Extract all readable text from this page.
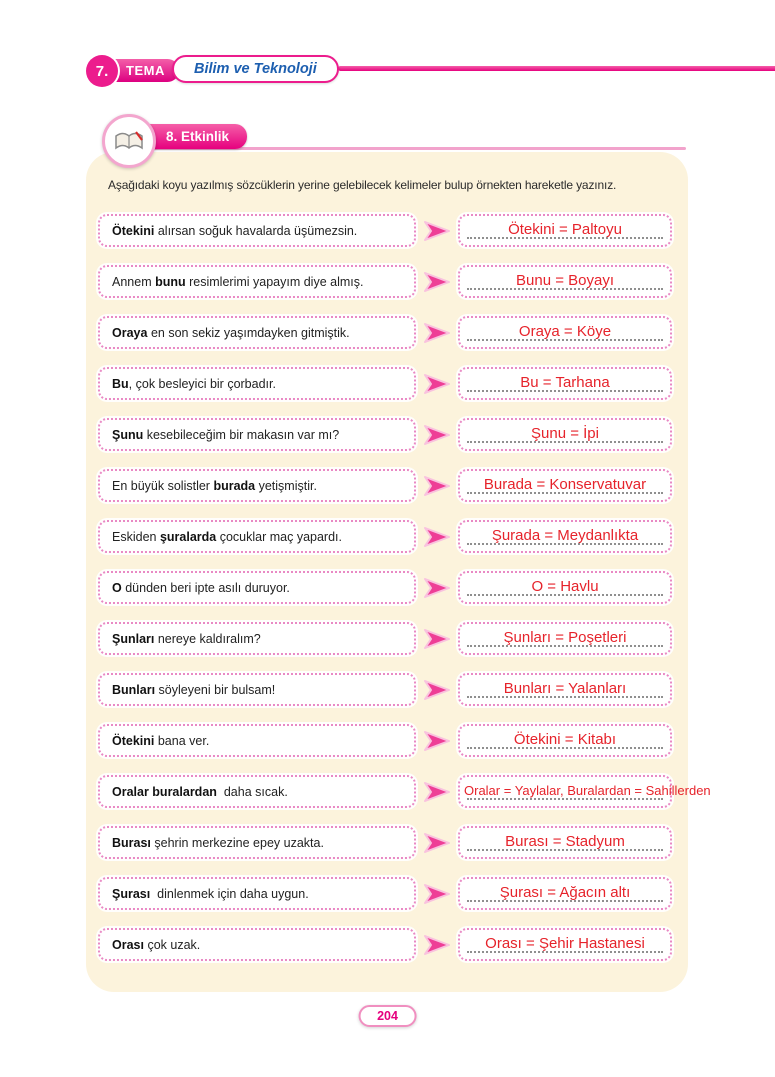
7.	TEMA	Bilim ve Teknoloji
8. Etkinlik
Aşağıdaki koyu yazılmış sözcüklerin yerine gelebilecek kelimeler bulup örnekten hareketle yazınız.
Ötekini alırsan soğuk havalarda üşümezsin.	Ötekini = Paltoyu
Annem bunu resimlerimi yapayım diye almış.	Bunu = Boyayı
Oraya en son sekiz yaşımdayken gitmiştik.	Oraya = Köye
Bu , çok besleyici bir çorbadır.	Bu = Tarhana
Şunu kesebileceğim bir makasın var mı?	Şunu = İpi
En büyük solistler burada yetişmiştir.	Burada = Konservatuvar
Eskiden şuralarda çocuklar maç yapardı.	Şurada = Meydanlıkta
O dünden beri ipte asılı duruyor.	O = Havlu
Şunları nereye kaldıralım?	Şunları = Poşetleri
Bunları söyleyeni bir bulsam!	Bunları = Yalanları
Ötekini bana ver.	Ötekini = Kitabı
Oralar buralardan daha sıcak.	Oralar = Yaylalar, Buralardan = Sahillerden
Burası şehrin merkezine epey uzakta.	Burası = Stadyum
Şurası dinlenmek için daha uygun.	Şurası = Ağacın altı
Orası çok uzak.	Orası = Şehir Hastanesi
204
